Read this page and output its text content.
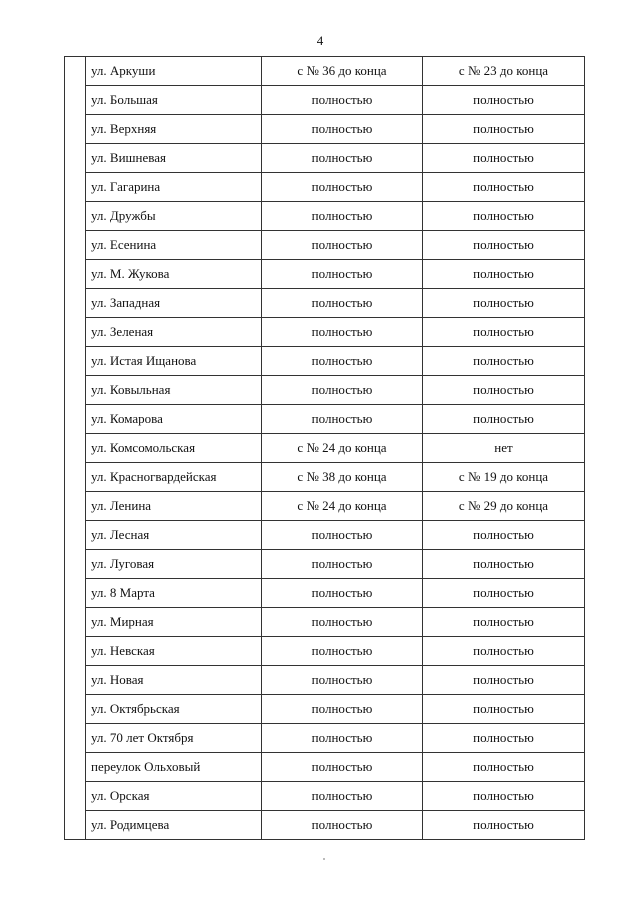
4
	ул. Аркуши	с № 36 до конца	с № 23 до конца
	ул. Большая	полностью	полностью
	ул. Верхняя	полностью	полностью
	ул. Вишневая	полностью	полностью
	ул. Гагарина	полностью	полностью
	ул. Дружбы	полностью	полностью
	ул. Есенина	полностью	полностью
	ул. М. Жукова	полностью	полностью
	ул. Западная	полностью	полностью
	ул. Зеленая	полностью	полностью
	ул. Истая Ищанова	полностью	полностью
	ул. Ковыльная	полностью	полностью
	ул. Комарова	полностью	полностью
	ул. Комсомольская	с № 24 до конца	нет
	ул. Красногвардейская	с № 38 до конца	с № 19 до конца
	ул. Ленина	с № 24 до конца	с № 29 до конца
	ул. Лесная	полностью	полностью
	ул. Луговая	полностью	полностью
	ул. 8 Марта	полностью	полностью
	ул. Мирная	полностью	полностью
	ул. Невская	полностью	полностью
	ул. Новая	полностью	полностью
	ул. Октябрьская	полностью	полностью
	ул. 70 лет Октября	полностью	полностью
	переулок Ольховый	полностью	полностью
	ул. Орская	полностью	полностью
	ул. Родимцева	полностью	полностью
